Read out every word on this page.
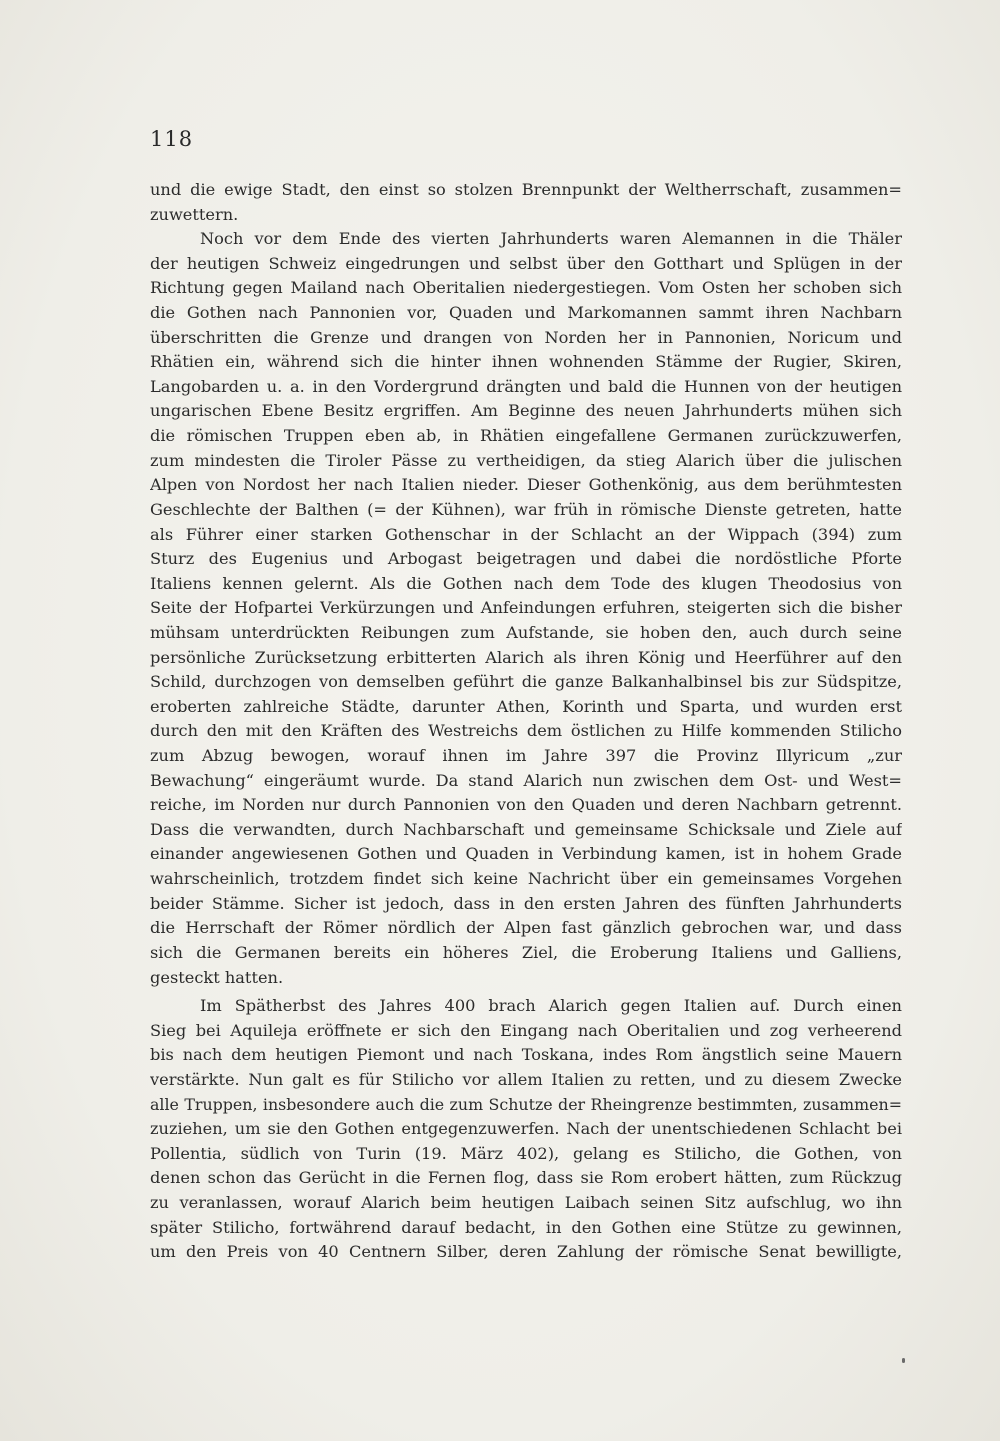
118
und die ewige Stadt, den einst so stolzen Brennpunkt der Weltherrschaft, zusammen=
zuwettern.
Noch vor dem Ende des vierten Jahrhunderts waren Alemannen in die Thäler
der heutigen Schweiz eingedrungen und selbst über den Gotthart und Splügen in der
Richtung gegen Mailand nach Oberitalien niedergestiegen. Vom Osten her schoben sich
die Gothen nach Pannonien vor, Quaden und Markomannen sammt ihren Nachbarn
überschritten die Grenze und drangen von Norden her in Pannonien, Noricum und
Rhätien ein, während sich die hinter ihnen wohnenden Stämme der Rugier, Skiren,
Langobarden u. a. in den Vordergrund drängten und bald die Hunnen von der heutigen
ungarischen Ebene Besitz ergriffen. Am Beginne des neuen Jahrhunderts mühen sich
die römischen Truppen eben ab, in Rhätien eingefallene Germanen zurückzuwerfen,
zum mindesten die Tiroler Pässe zu vertheidigen, da stieg Alarich über die julischen
Alpen von Nordost her nach Italien nieder. Dieser Gothenkönig, aus dem berühmtesten
Geschlechte der Balthen (= der Kühnen), war früh in römische Dienste getreten, hatte
als Führer einer starken Gothenschar in der Schlacht an der Wippach (394) zum
Sturz des Eugenius und Arbogast beigetragen und dabei die nordöstliche Pforte
Italiens kennen gelernt. Als die Gothen nach dem Tode des klugen Theodosius von
Seite der Hofpartei Verkürzungen und Anfeindungen erfuhren, steigerten sich die bisher
mühsam unterdrückten Reibungen zum Aufstande, sie hoben den, auch durch seine
persönliche Zurücksetzung erbitterten Alarich als ihren König und Heerführer auf den
Schild, durchzogen von demselben geführt die ganze Balkanhalbinsel bis zur Südspitze,
eroberten zahlreiche Städte, darunter Athen, Korinth und Sparta, und wurden erst
durch den mit den Kräften des Westreichs dem östlichen zu Hilfe kommenden Stilicho
zum Abzug bewogen, worauf ihnen im Jahre 397 die Provinz Illyricum „zur
Bewachung“ eingeräumt wurde. Da stand Alarich nun zwischen dem Ost- und West=
reiche, im Norden nur durch Pannonien von den Quaden und deren Nachbarn getrennt.
Dass die verwandten, durch Nachbarschaft und gemeinsame Schicksale und Ziele auf
einander angewiesenen Gothen und Quaden in Verbindung kamen, ist in hohem Grade
wahrscheinlich, trotzdem findet sich keine Nachricht über ein gemeinsames Vorgehen
beider Stämme. Sicher ist jedoch, dass in den ersten Jahren des fünften Jahrhunderts
die Herrschaft der Römer nördlich der Alpen fast gänzlich gebrochen war, und dass
sich die Germanen bereits ein höheres Ziel, die Eroberung Italiens und Galliens,
gesteckt hatten.
Im Spätherbst des Jahres 400 brach Alarich gegen Italien auf. Durch einen
Sieg bei Aquileja eröffnete er sich den Eingang nach Oberitalien und zog verheerend
bis nach dem heutigen Piemont und nach Toskana, indes Rom ängstlich seine Mauern
verstärkte. Nun galt es für Stilicho vor allem Italien zu retten, und zu diesem Zwecke
alle Truppen, insbesondere auch die zum Schutze der Rheingrenze bestimmten, zusammen=
zuziehen, um sie den Gothen entgegenzuwerfen. Nach der unentschiedenen Schlacht bei
Pollentia, südlich von Turin (19. März 402), gelang es Stilicho, die Gothen, von
denen schon das Gerücht in die Fernen flog, dass sie Rom erobert hätten, zum Rückzug
zu veranlassen, worauf Alarich beim heutigen Laibach seinen Sitz aufschlug, wo ihn
später Stilicho, fortwährend darauf bedacht, in den Gothen eine Stütze zu gewinnen,
um den Preis von 40 Centnern Silber, deren Zahlung der römische Senat bewilligte,
